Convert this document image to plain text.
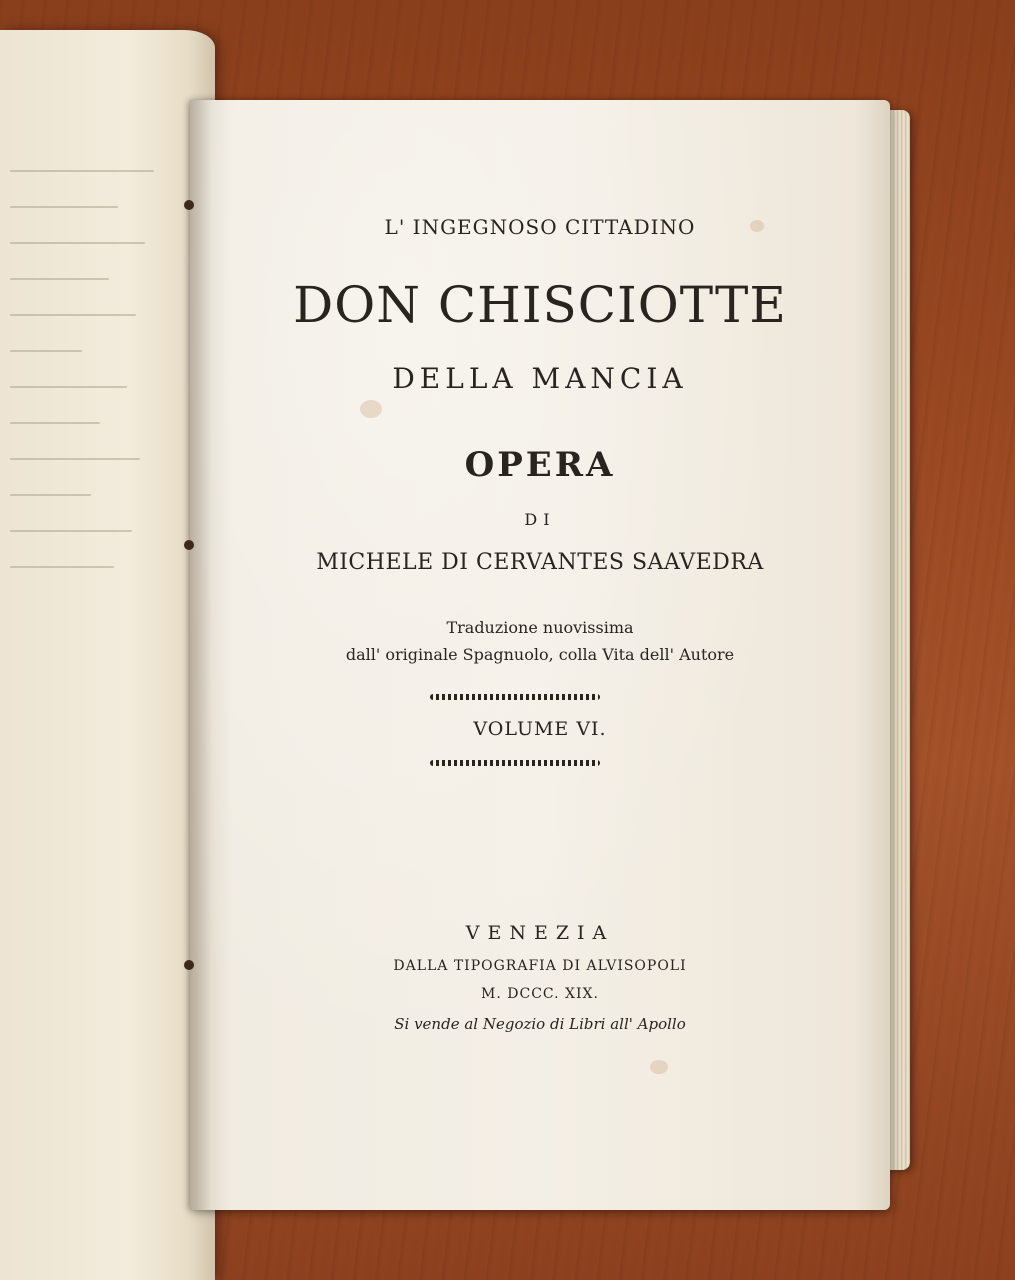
L' INGEGNOSO CITTADINO
DON CHISCIOTTE
DELLA MANCIA
OPERA
DI
MICHELE DI CERVANTES SAAVEDRA
Traduzione nuovissima
dall' originale Spagnuolo, colla Vita dell' Autore
VOLUME VI.
VENEZIA
DALLA TIPOGRAFIA DI ALVISOPOLI
M. DCCC. XIX.
Si vende al Negozio di Libri all' Apollo
